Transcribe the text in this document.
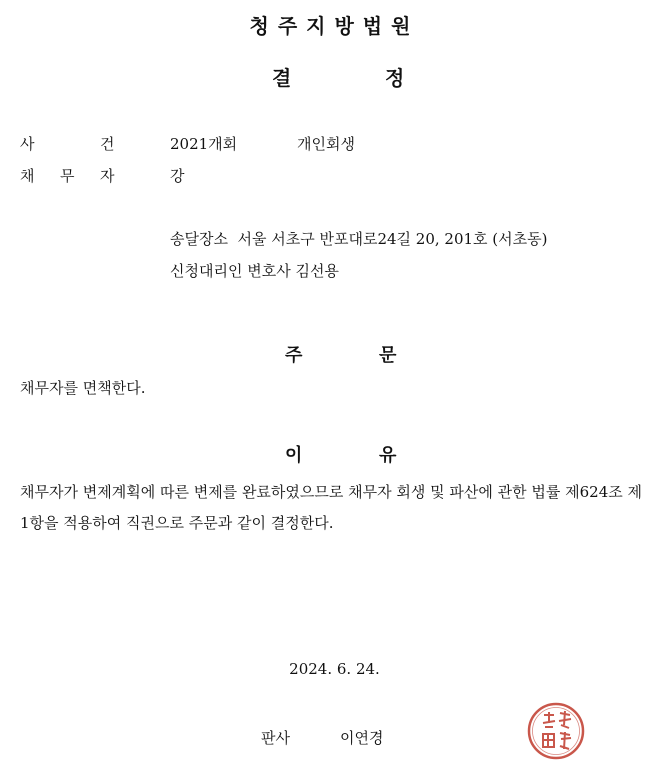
청주지방법원
결	정
사	건	2021개회	개인회생
채 무 자	강
송달장소  서울 서초구 반포대로24길 20, 201호 (서초동)
신청대리인 변호사 김선용
주	문
채무자를 면책한다.
이	유
채무자가 변제계획에 따른 변제를 완료하였으므로 채무자 회생 및 파산에 관한 법률 제624조 제1항을 적용하여 직권으로 주문과 같이 결정한다.
2024. 6. 24.
판사	이연경
